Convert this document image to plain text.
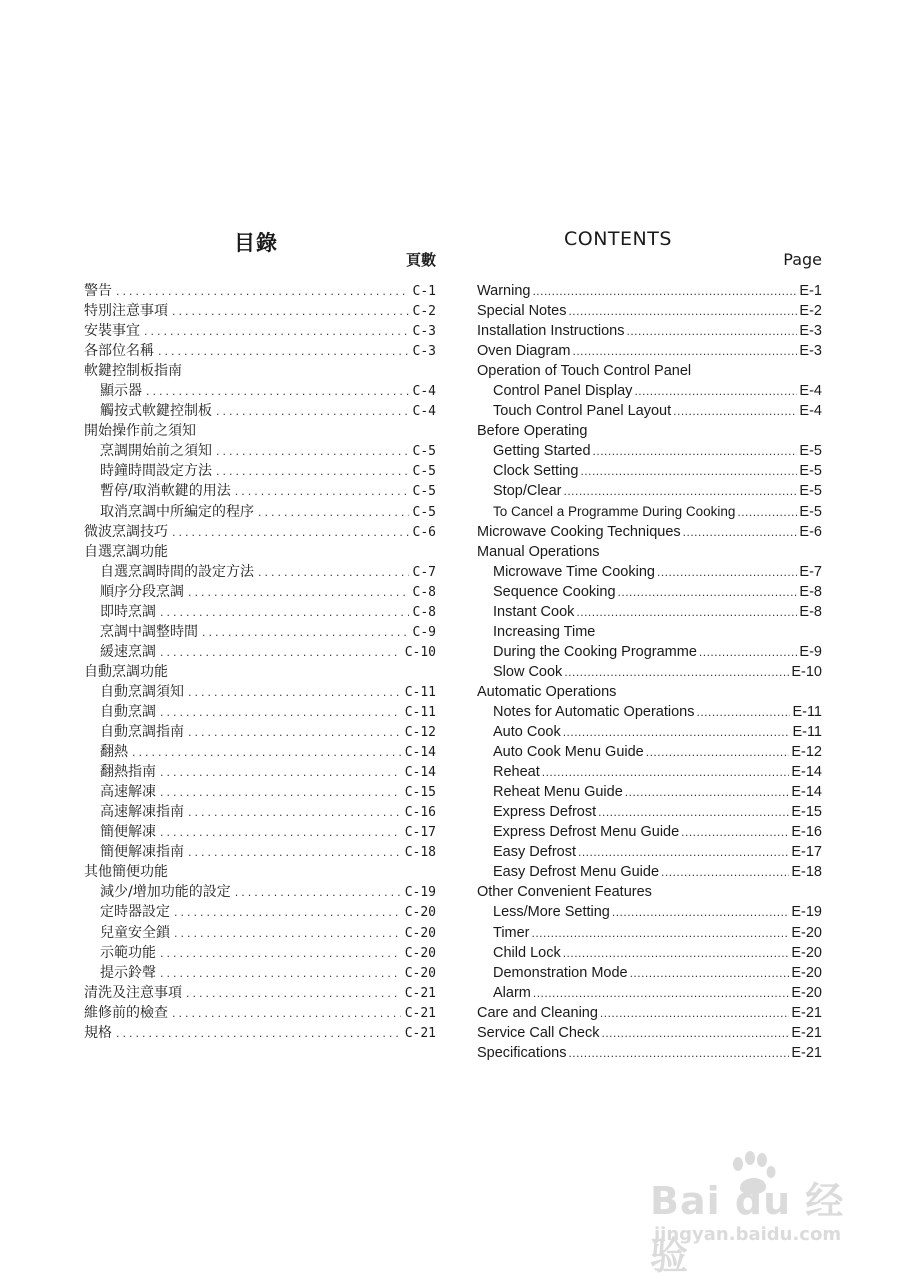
目錄
頁數
警告 .....	C-1
特別注意事項 .....	C-2
安裝事宜 .....	C-3
各部位名稱 .....	C-3
軟鍵控制板指南
顯示器 .....	C-4
觸按式軟鍵控制板 .....	C-4
開始操作前之須知
烹調開始前之須知 .....	C-5
時鐘時間設定方法 .....	C-5
暫停/取消軟鍵的用法 .....	C-5
取消烹調中所編定的程序 .....	C-5
微波烹調技巧 .....	C-6
自選烹調功能
自選烹調時間的設定方法 .....	C-7
順序分段烹調 .....	C-8
即時烹調 .....	C-8
烹調中調整時間 .....	C-9
緩速烹調 .....	C-10
自動烹調功能
自動烹調須知 .....	C-11
自動烹調 .....	C-11
自動烹調指南 .....	C-12
翻熱 .....	C-14
翻熱指南 .....	C-14
高速解凍 .....	C-15
高速解凍指南 .....	C-16
簡便解凍 .....	C-17
簡便解凍指南 .....	C-18
其他簡便功能
減少/增加功能的設定 .....	C-19
定時器設定 .....	C-20
兒童安全鎖 .....	C-20
示範功能 .....	C-20
提示鈴聲 .....	C-20
清洗及注意事項 .....	C-21
維修前的檢查 .....	C-21
規格 .....	C-21
CONTENTS
Page
Warning .....	E-1
Special Notes .....	E-2
Installation Instructions .....	E-3
Oven Diagram .....	E-3
Operation of Touch Control Panel
Control Panel Display .....	E-4
Touch Control Panel Layout .....	E-4
Before Operating
Getting Started .....	E-5
Clock Setting .....	E-5
Stop/Clear .....	E-5
To Cancel a Programme During Cooking .....	E-5
Microwave Cooking Techniques .....	E-6
Manual Operations
Microwave Time Cooking .....	E-7
Sequence Cooking .....	E-8
Instant Cook .....	E-8
Increasing Time
During the Cooking Programme .....	E-9
Slow Cook .....	E-10
Automatic Operations
Notes for Automatic Operations .....	E-11
Auto Cook .....	E-11
Auto Cook Menu Guide .....	E-12
Reheat .....	E-14
Reheat Menu Guide .....	E-14
Express Defrost .....	E-15
Express Defrost Menu Guide .....	E-16
Easy Defrost .....	E-17
Easy Defrost Menu Guide .....	E-18
Other Convenient Features
Less/More Setting .....	E-19
Timer .....	E-20
Child Lock .....	E-20
Demonstration Mode .....	E-20
Alarm .....	E-20
Care and Cleaning .....	E-21
Service Call Check .....	E-21
Specifications .....	E-21
Bai du 经验
jingyan.baidu.com
